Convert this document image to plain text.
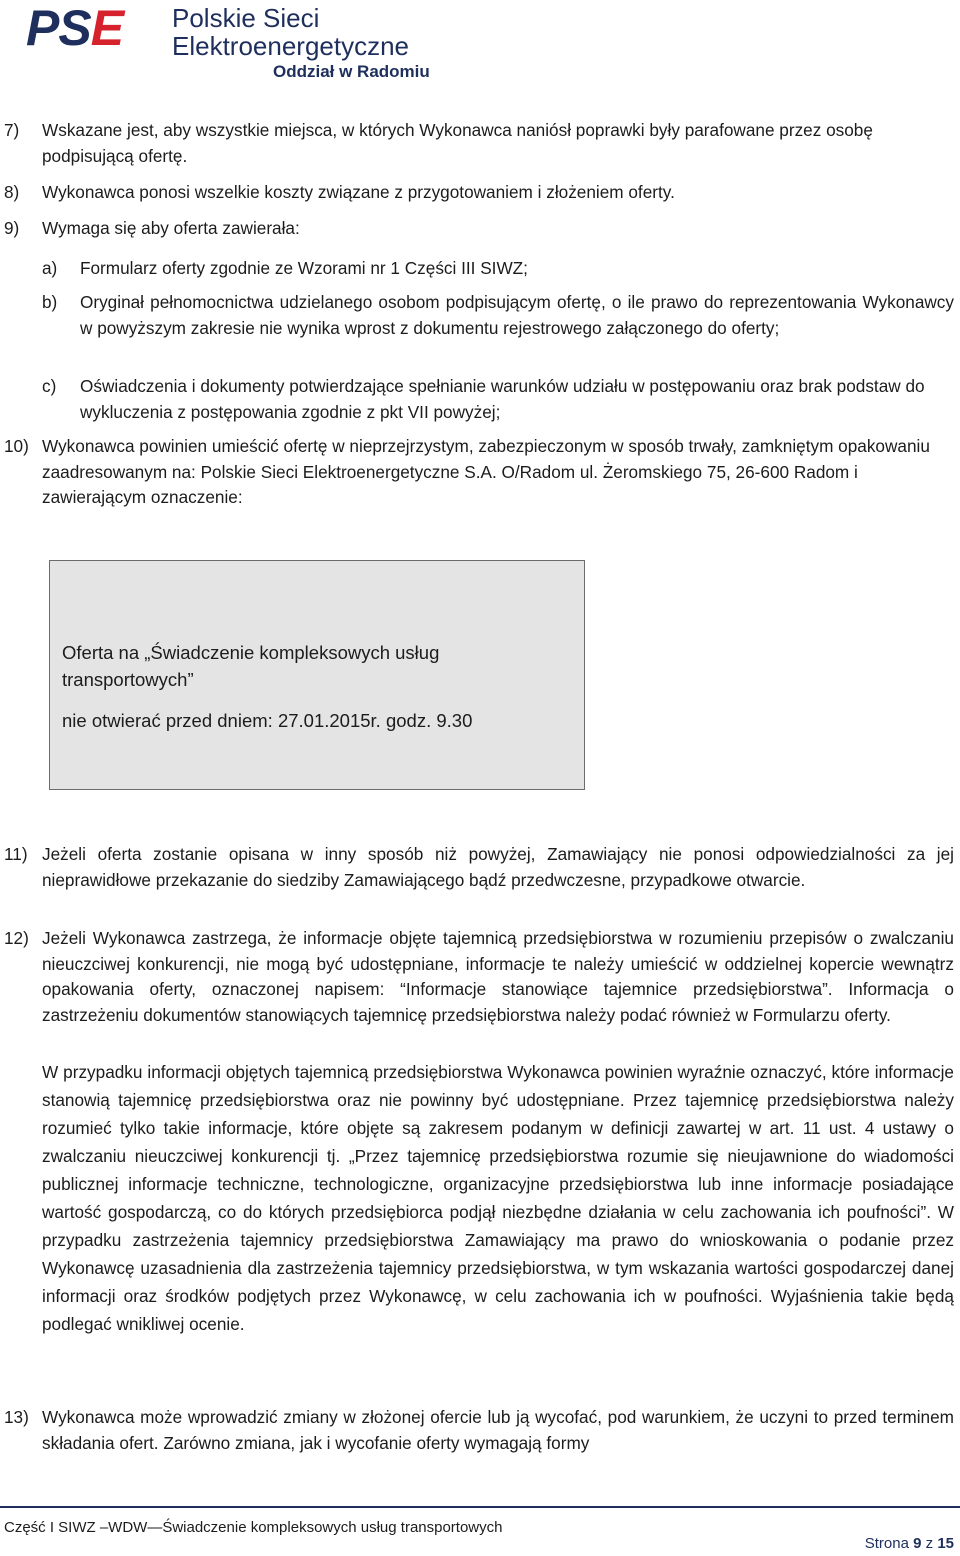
PSE Polskie Sieci
Elektroenergetyczne
Oddział w Radomiu
7) Wskazane jest, aby wszystkie miejsca, w których Wykonawca naniósł poprawki były parafowane przez osobę podpisującą ofertę.

8) Wykonawca ponosi wszelkie koszty związane z przygotowaniem i złożeniem oferty.

9) Wymaga się aby oferta zawierała:

a) Formularz oferty zgodnie ze Wzorami nr 1 Części III SIWZ;

b) Oryginał pełnomocnictwa udzielanego osobom podpisującym ofertę, o ile prawo do reprezentowania Wykonawcy w powyższym zakresie nie wynika wprost z dokumentu rejestrowego załączonego do oferty;

c) Oświadczenia i dokumenty potwierdzające spełnianie warunków udziału w postępowaniu oraz brak podstaw do wykluczenia z postępowania zgodnie z pkt VII powyżej;

10) Wykonawca powinien umieścić ofertę w nieprzejrzystym, zabezpieczonym w sposób trwały, zamkniętym opakowaniu zaadresowanym na: Polskie Sieci Elektroenergetyczne S.A. O/Radom ul. Żeromskiego 75, 26-600 Radom i zawierającym oznaczenie:

Oferta na „Świadczenie kompleksowych usług transportowych”
nie otwierać przed dniem: 27.01.2015r. godz. 9.30
11) Jeżeli oferta zostanie opisana w inny sposób niż powyżej, Zamawiający nie ponosi odpowiedzialności za jej nieprawidłowe przekazanie do siedziby Zamawiającego bądź przedwczesne, przypadkowe otwarcie.

12) Jeżeli Wykonawca zastrzega, że informacje objęte tajemnicą przedsiębiorstwa w rozumieniu przepisów o zwalczaniu nieuczciwej konkurencji, nie mogą być udostępniane, informacje te należy umieścić w oddzielnej kopercie wewnątrz opakowania oferty, oznaczonej napisem: “Informacje stanowiące tajemnice przedsiębiorstwa”. Informacja o zastrzeżeniu dokumentów stanowiących tajemnicę przedsiębiorstwa należy podać również w Formularzu oferty.

W przypadku informacji objętych tajemnicą przedsiębiorstwa Wykonawca powinien wyraźnie oznaczyć, które informacje stanowią tajemnicę przedsiębiorstwa oraz nie powinny być udostępniane. Przez tajemnicę przedsiębiorstwa należy rozumieć tylko takie informacje, które objęte są zakresem podanym w definicji zawartej w art. 11 ust. 4 ustawy o zwalczaniu nieuczciwej konkurencji tj. „Przez tajemnicę przedsiębiorstwa rozumie się nieujawnione do wiadomości publicznej informacje techniczne, technologiczne, organizacyjne przedsiębiorstwa lub inne informacje posiadające wartość gospodarczą, co do których przedsiębiorca podjął niezbędne działania w celu zachowania ich poufności”. W przypadku zastrzeżenia tajemnicy przedsiębiorstwa Zamawiający ma prawo do wnioskowania o podanie przez Wykonawcę uzasadnienia dla zastrzeżenia tajemnicy przedsiębiorstwa, w tym wskazania wartości gospodarczej danej informacji oraz środków podjętych przez Wykonawcę, w celu zachowania ich w poufności. Wyjaśnienia takie będą podlegać wnikliwej ocenie.

13) Wykonawca może wprowadzić zmiany w złożonej ofercie lub ją wycofać, pod warunkiem, że uczyni to przed terminem składania ofert. Zarówno zmiana, jak i wycofanie oferty wymagają formy

Część I SIWZ –WDW—Świadczenie kompleksowych usług transportowych
Strona 9 z 15
